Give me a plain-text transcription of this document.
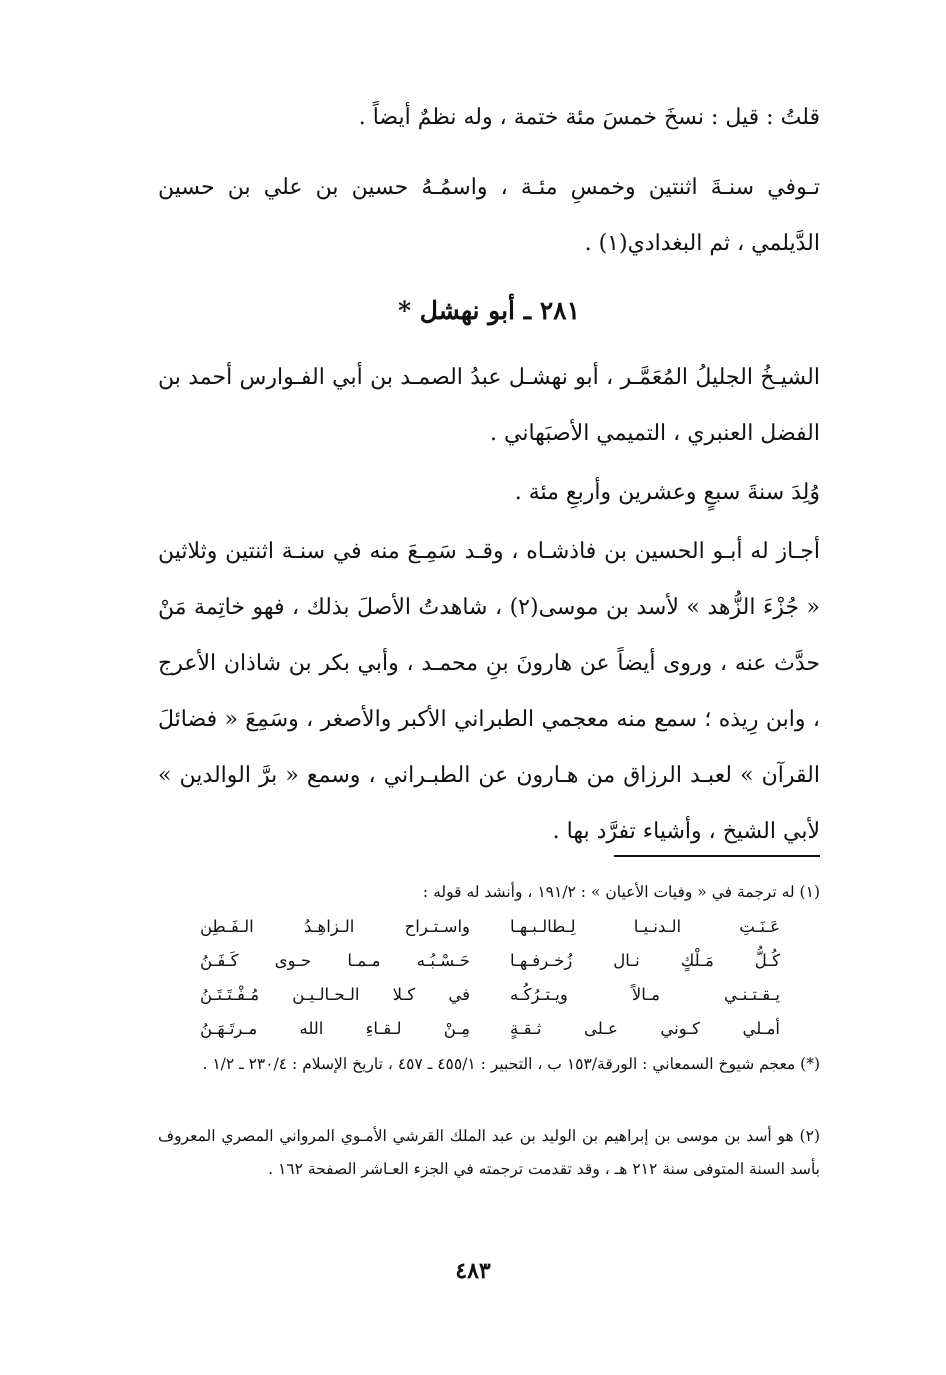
قلتُ : قيل : نسخَ خمسَ مئة ختمة ، وله نظمٌ أيضاً .

تـوفي سنـةَ اثنتين وخمسِ مئـة ، واسمُـهُ حسين بن علي بن حسين الدَّيلمي ، ثم البغدادي(١) .

٢٨١ ـ أبو نهشل *

الشيـخُ الجليلُ المُعَمَّـر ، أبو نهشـل عبدُ الصمـد بن أبي الفـوارس أحمد بن الفضل العنبري ، التميمي الأصبَهاني .

وُلِدَ سنةَ سبعٍ وعشرين وأربعِ مئة .

أجـاز له أبـو الحسين بن فاذشـاه ، وقـد سَمِـعَ منه في سنـة اثنتين وثلاثين « جُزْءَ الزُّهد » لأسد بن موسى(٢) ، شاهدتُ الأصلَ بذلك ، فهو خاتِمة مَنْ حدَّث عنه ، وروى أيضاً عن هارونَ بنِ محمـد ، وأبي بكر بن شاذان الأعرج ، وابن رِيذه ؛ سمع منه معجمي الطبراني الأكبر والأصغر ، وسَمِعَ « فضائلَ القرآن » لعبـد الرزاق من هـارون عن الطبـراني ، وسمع « برَّ الوالدين » لأبي الشيخ ، وأشياء تفرَّد بها .

(١) له ترجمة في « وفيات الأعيان » : ١٩١/٢ ، وأنشد له قوله :

عَـنَـتِ الـدنـيـا لِـطالـبـهـا
واسـتـراح الـزاهِـدُ الـفَـطِن
كُـلُّ مَـلْكٍ نـال زُخـرفـهـا
حَـسْـبُـه مـمـا حـوى كَـفَـنُ
يـقـتـنـي مـالاً ويـتـرُكُـه
في كـلا الـحـالـيـن مُـفْـتَـتَـنُ
أمـلي كـوني عـلى ثـقـةٍ
مِـنْ لـقـاءِ الله مـرتَـهَـنُ

(*) معجم شيوخ السمعاني : الورقة/١٥٣ ب ، التحبير : ٤٥٥/١ ـ ٤٥٧ ، تاريخ الإسلام : ٢٣٠/٤ ـ ١/٢ .

(٢) هو أسد بن موسى بن إبراهيم بن الوليد بن عبد الملك القرشي الأمـوي المرواني المصري المعروف بأسد السنة المتوفى سنة ٢١٢ هـ ، وقد تقدمت ترجمته في الجزء العـاشر الصفحة ١٦٢ .

٤٨٣
